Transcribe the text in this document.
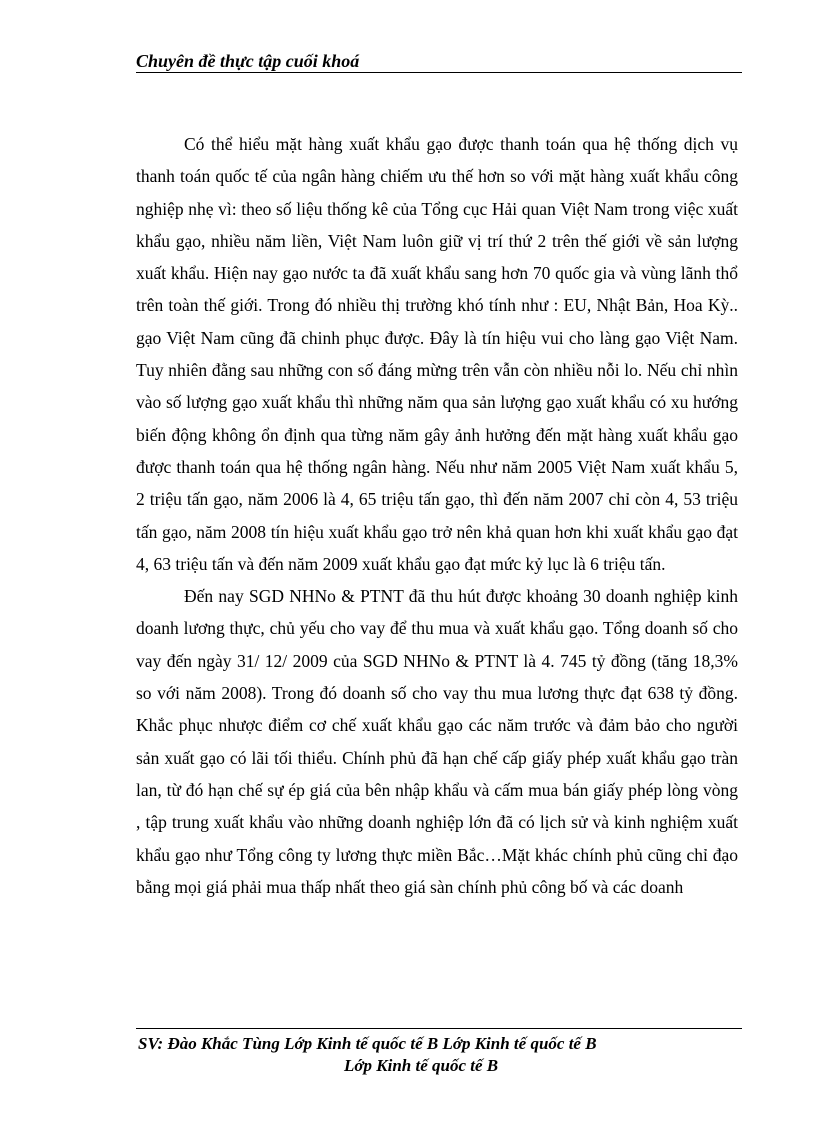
Chuyên đề thực tập cuối khoá

Có thể hiểu mặt hàng xuất khẩu gạo được thanh toán qua hệ thống dịch vụ thanh toán quốc tế của ngân hàng chiếm ưu thế hơn so với mặt hàng xuất khẩu công nghiệp nhẹ vì: theo số liệu thống kê của Tổng cục Hải quan Việt Nam trong việc xuất khẩu gạo, nhiều năm liền, Việt Nam luôn giữ vị trí thứ 2 trên thế giới về sản lượng xuất khẩu. Hiện nay gạo nước ta đã xuất khẩu sang hơn 70 quốc gia và vùng lãnh thổ trên toàn thế giới. Trong đó nhiều thị trường khó tính như : EU, Nhật Bản, Hoa Kỳ.. gạo Việt Nam cũng đã chinh phục được. Đây là tín hiệu vui cho làng gạo Việt Nam. Tuy nhiên đằng sau những con số đáng mừng trên vẫn còn nhiều nỗi lo. Nếu chỉ nhìn vào số lượng gạo xuất khẩu thì những năm qua sản lượng gạo xuất khẩu có xu hướng biến động không ổn định qua từng năm gây ảnh hưởng đến mặt hàng xuất khẩu gạo được thanh toán qua hệ thống ngân hàng. Nếu như năm 2005 Việt Nam xuất khẩu 5, 2 triệu tấn gạo, năm 2006 là 4, 65 triệu tấn gạo, thì đến năm 2007 chỉ còn 4, 53 triệu tấn gạo, năm 2008 tín hiệu xuất khẩu gạo trở nên khả quan hơn khi xuất khẩu gạo đạt 4, 63 triệu tấn và đến năm 2009 xuất khẩu gạo đạt mức kỷ lục là 6 triệu tấn.

Đến nay SGD NHNo & PTNT đã thu hút được khoảng 30 doanh nghiệp kinh doanh lương thực, chủ yếu cho vay để thu mua và xuất khẩu gạo. Tổng doanh số cho vay đến ngày 31/ 12/ 2009 của SGD NHNo & PTNT là 4. 745 tỷ đồng (tăng 18,3% so với năm 2008). Trong đó doanh số cho vay thu mua lương thực đạt 638 tỷ đồng. Khắc phục nhược điểm cơ chế xuất khẩu gạo các năm trước và đảm bảo cho người sản xuất gạo có lãi tối thiểu. Chính phủ đã hạn chế cấp giấy phép xuất khẩu gạo tràn lan, từ đó hạn chế sự ép giá của bên nhập khẩu và cấm mua bán giấy phép lòng vòng , tập trung xuất khẩu vào những doanh nghiệp lớn đã có lịch sử và kinh nghiệm xuất khẩu gạo như Tổng công ty lương thực miền Bắc…Mặt khác chính phủ cũng chỉ đạo bằng mọi giá phải mua thấp nhất theo giá sàn chính phủ công bố và các doanh

SV: Đào Khắc Tùng Lớp Kinh tế quốc tế B Lớp Kinh tế quốc tế B
Lớp Kinh tế quốc tế B
